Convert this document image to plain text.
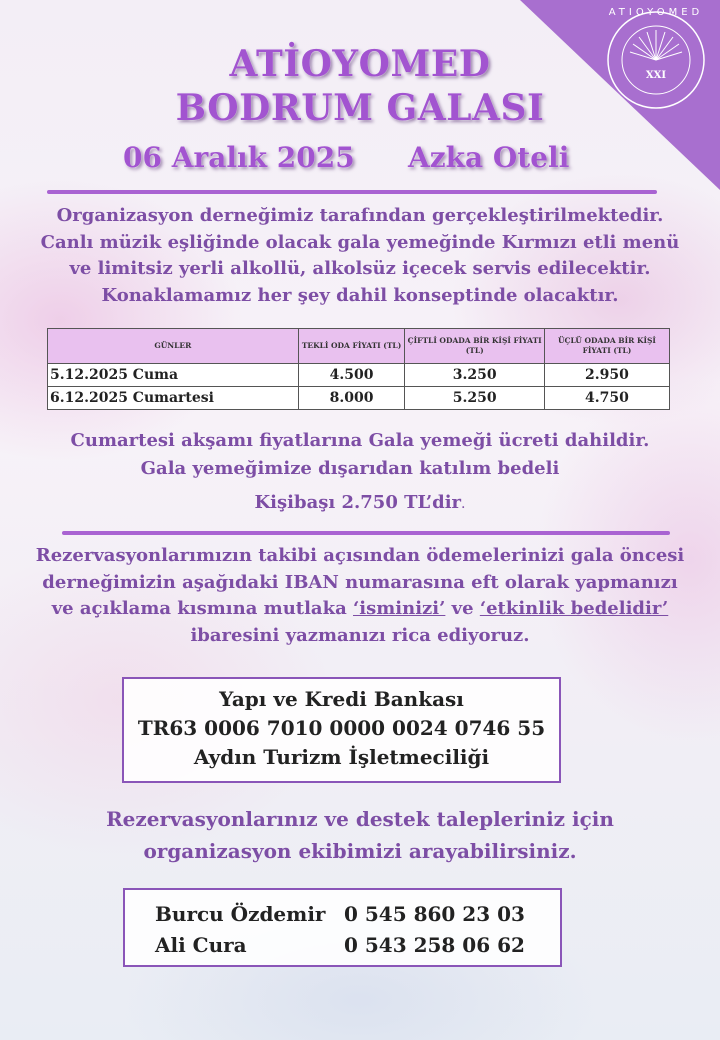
XXI
ATIOYOMED
ATİOYOMED
BODRUM GALASI
06 Aralık 2025 Azka Oteli
Organizasyon derneğimiz tarafından gerçekleştirilmektedir.
Canlı müzik eşliğinde olacak gala yemeğinde Kırmızı etli menü
ve limitsiz yerli alkollü, alkolsüz içecek servis edilecektir.
Konaklamamız her şey dahil konseptinde olacaktır.
GÜNLER	TEKLİ ODA FİYATI (TL)	ÇİFTLİ ODADA BİR KİŞİ FİYATI (TL)	ÜÇLÜ ODADA BİR KİŞİ FİYATI (TL)
5.12.2025 Cuma	4.500	3.250	2.950
6.12.2025 Cumartesi	8.000	5.250	4.750
Cumartesi akşamı fiyatlarına Gala yemeği ücreti dahildir.
Gala yemeğimize dışarıdan katılım bedeli
Kişibaşı 2.750 TL’dir.
Rezervasyonlarımızın takibi açısından ödemelerinizi gala öncesi
derneğimizin aşağıdaki IBAN numarasına eft olarak yapmanızı
ve açıklama kısmına mutlaka ‘isminizi’ ve ‘etkinlik bedelidir’
ibaresini yazmanızı rica ediyoruz.
Yapı ve Kredi Bankası
TR63 0006 7010 0000 0024 0746 55
Aydın Turizm İşletmeciliği
Rezervasyonlarınız ve destek talepleriniz için
organizasyon ekibimizi arayabilirsiniz.
Burcu Özdemir 0 545 860 23 03
Ali Cura	0 543 258 06 62
